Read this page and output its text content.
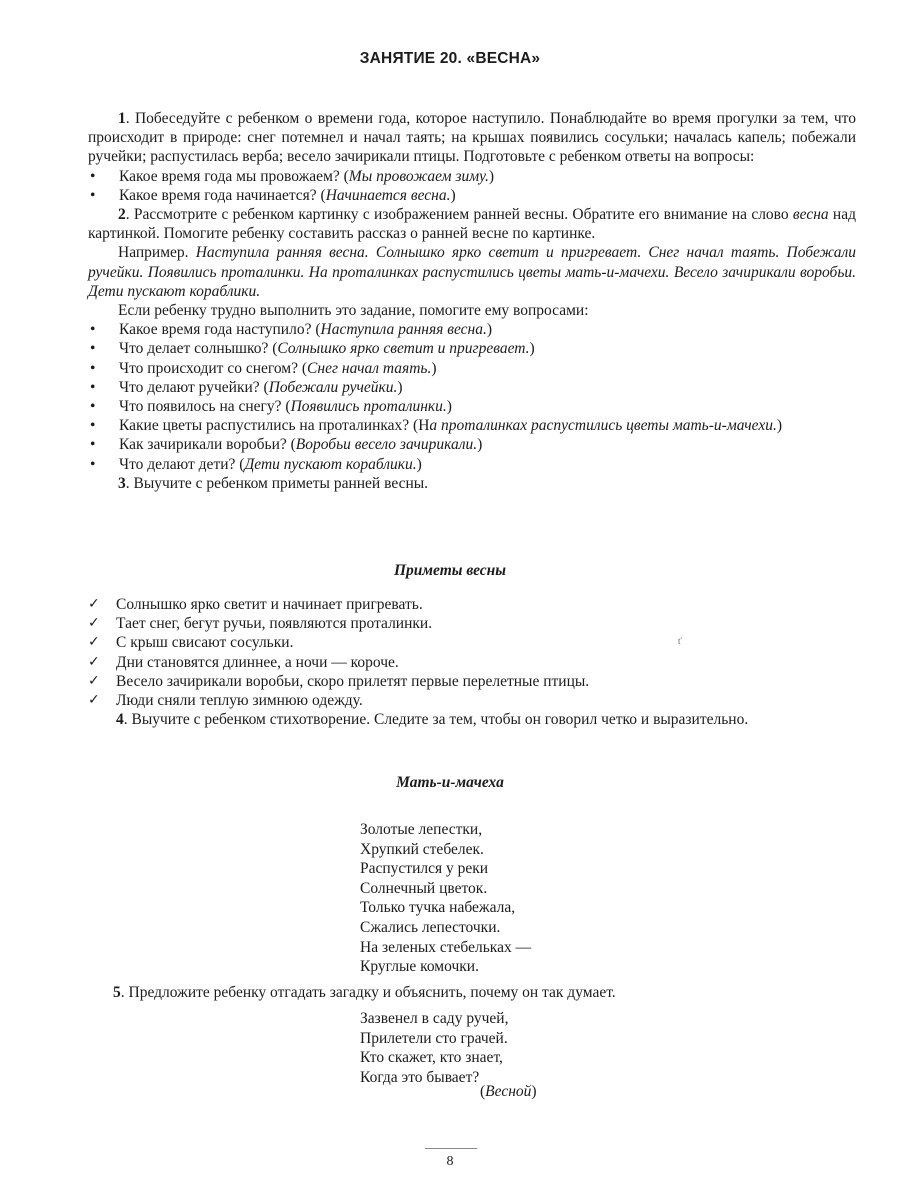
ЗАНЯТИЕ 20. «ВЕСНА»

1. Побеседуйте с ребенком о времени года, которое наступило. Понаблюдайте во время прогулки за тем, что происходит в природе: снег потемнел и начал таять; на крышах появились сосульки; началась капель; побежали ручейки; распустилась верба; весело зачирикали птицы. Подготовьте с ребенком ответы на вопросы:

• Какое время года мы провожаем? (Мы провожаем зиму.)

• Какое время года начинается? (Начинается весна.)

2. Рассмотрите с ребенком картинку с изображением ранней весны. Обратите его внимание на слово весна над картинкой. Помогите ребенку составить рассказ о ранней весне по картинке.

Например. Наступила ранняя весна. Солнышко ярко светит и пригревает. Снег начал таять. Побежали ручейки. Появились проталинки. На проталинках распустились цветы мать-и-мачехи. Весело зачирикали воробьи. Дети пускают кораблики.

Если ребенку трудно выполнить это задание, помогите ему вопросами:

• Какое время года наступило? (Наступила ранняя весна.)

• Что делает солнышко? (Солнышко ярко светит и пригревает.)

• Что происходит со снегом? (Снег начал таять.)

• Что делают ручейки? (Побежали ручейки.)

• Что появилось на снегу? (Появились проталинки.)

• Какие цветы распустились на проталинках? (На проталинках распустились цветы мать-и-мачехи.)

• Как зачирикали воробьи? (Воробьи весело зачирикали.)

• Что делают дети? (Дети пускают кораблики.)

3. Выучите с ребенком приметы ранней весны.

Приметы весны

✓ Солнышко ярко светит и начинает пригревать.

✓ Тает снег, бегут ручьи, появляются проталинки.

✓ С крыш свисают сосульки.

✓ Дни становятся длиннее, а ночи — короче.

✓ Весело зачирикали воробьи, скоро прилетят первые перелетные птицы.

✓ Люди сняли теплую зимнюю одежду.

4. Выучите с ребенком стихотворение. Следите за тем, чтобы он говорил четко и выразительно.

ť
Мать-и-мачеха
Золотые лепестки,
Хрупкий стебелек.
Распустился у реки
Солнечный цветок.
Только тучка набежала,
Сжались лепесточки.
На зеленых стебельках —
Круглые комочки.
5. Предложите ребенку отгадать загадку и объяснить, почему он так думает.
Зазвенел в саду ручей,
Прилетели сто грачей.
Кто скажет, кто знает,
Когда это бывает?
(Весной)
8
